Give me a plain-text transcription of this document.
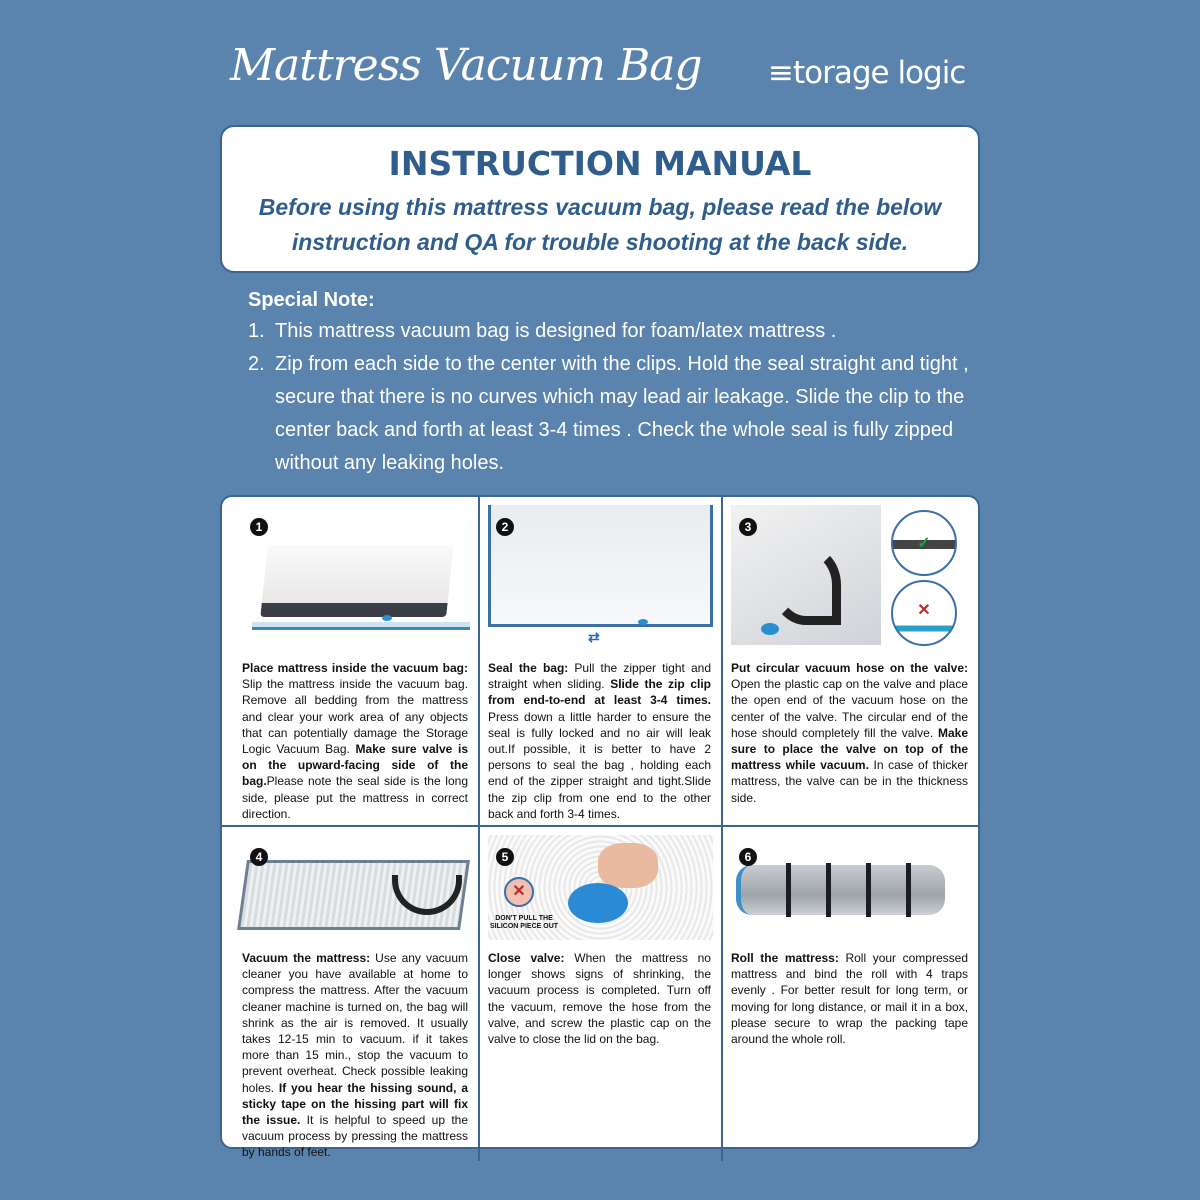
Mattress Vacuum Bag ≡torage logic
INSTRUCTION MANUAL

Before using this mattress vacuum bag, please read the below
instruction and QA for trouble shooting at the back side.

Special Note:
1. This mattress vacuum bag is designed for foam/latex mattress .
2. Zip from each side to the center with the clips. Hold the seal straight and tight , secure that there is no curves which may lead air leakage. Slide the clip to the center back and forth at least 3-4 times . Check the whole seal is fully zipped without any leaking holes.
1
Place mattress inside the vacuum bag: Slip the mattress inside the vacuum bag. Remove all bedding from the mattress and clear your work area of any objects that can potentially damage the Storage Logic Vacuum Bag. Make sure valve is on the upward-facing side of the bag.Please note the seal side is the long side, please put the mattress in correct direction.
⇄
2
Seal the bag: Pull the zipper tight and straight when sliding. Slide the zip clip from end-to-end at least 3-4 times. Press down a little harder to ensure the seal is fully locked and no air will leak out.If possible, it is better to have 2 persons to seal the bag , holding each end of the zipper straight and tight.Slide the zip clip from one end to the other back and forth 3-4 times.
✓
✕
3
Put circular vacuum hose on the valve: Open the plastic cap on the valve and place the open end of the vacuum hose on the center of the valve. The circular end of the hose should completely fill the valve. Make sure to place the valve on top of the mattress while vacuum. In case of thicker mattress, the valve can be in the thickness side.
4
Vacuum the mattress: Use any vacuum cleaner you have available at home to compress the mattress. After the vacuum cleaner machine is turned on, the bag will shrink as the air is removed. It usually takes 12-15 min to vacuum. if it takes more than 15 min., stop the vacuum to prevent overheat. Check possible leaking holes. If you hear the hissing sound, a sticky tape on the hissing part will fix the issue. It is helpful to speed up the vacuum process by pressing the mattress by hands of feet.
✕
DON'T PULL THE SILICON PIECE OUT
5
Close valve: When the mattress no longer shows signs of shrinking, the vacuum process is completed. Turn off the vacuum, remove the hose from the valve, and screw the plastic cap on the valve to close the lid on the bag.
6
Roll the mattress: Roll your compressed mattress and bind the roll with 4 traps evenly . For better result for long term, or moving for long distance, or mail it in a box, please secure to wrap the packing tape around the whole roll.
